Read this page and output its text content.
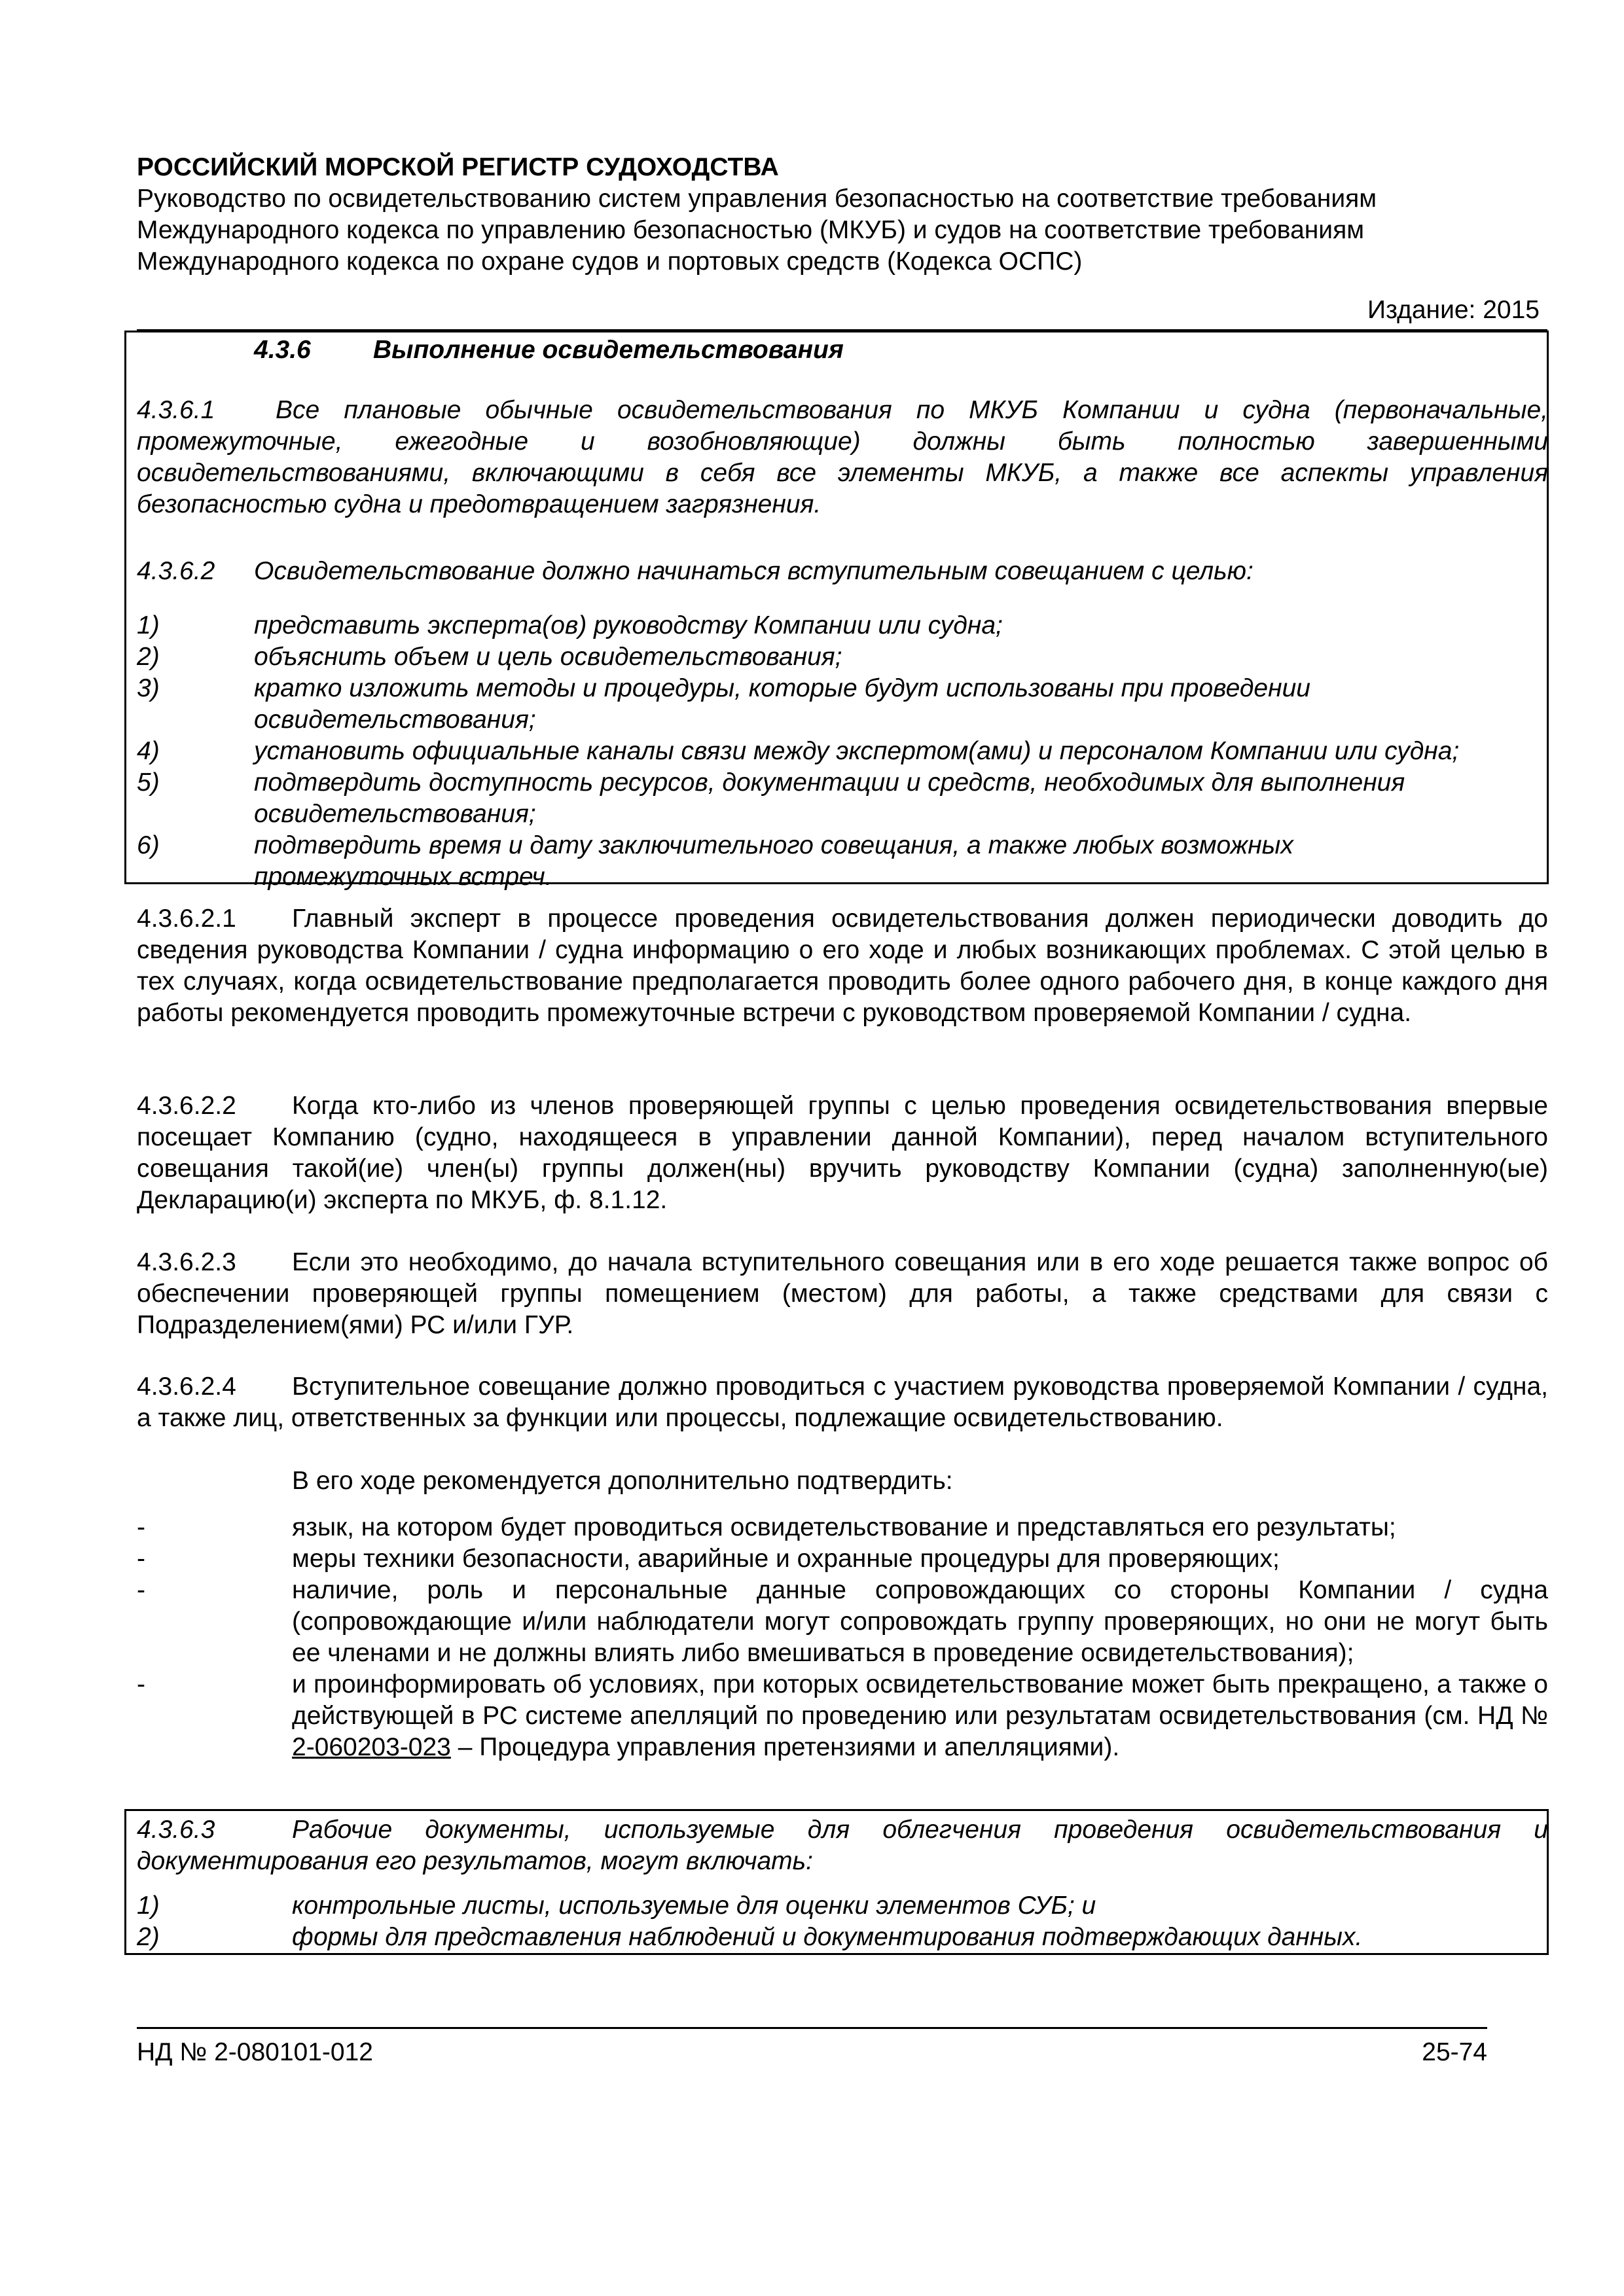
РОССИЙСКИЙ МОРСКОЙ РЕГИСТР СУДОХОДСТВА
Руководство по освидетельствованию систем управления безопасностью на соответствие требованиям Международного кодекса по управлению безопасностью (МКУБ) и судов на соответствие требованиям Международного кодекса по охране судов и портовых средств (Кодекса ОСПС)
Издание: 2015
4.3.6 Выполнение освидетельствования

4.3.6.1 Все плановые обычные освидетельствования по МКУБ Компании и судна (первоначальные, промежуточные, ежегодные и возобновляющие) должны быть полностью завершенными освидетельствованиями, включающими в себя все элементы МКУБ, а также все аспекты управления безопасностью судна и предотвращением загрязнения.

4.3.6.2 Освидетельствование должно начинаться вступительным совещанием с целью:
1)	представить эксперта(ов) руководству Компании или судна;
2)	объяснить объем и цель освидетельствования;
3)	кратко изложить методы и процедуры, которые будут использованы при проведении освидетельствования;
4)	установить официальные каналы связи между экспертом(ами) и персоналом Компании или судна;
5)	подтвердить доступность ресурсов, документации и средств, необходимых для выполнения освидетельствования;
6)	подтвердить время и дату заключительного совещания, а также любых возможных промежуточных встреч.

4.3.6.2.1 Главный эксперт в процессе проведения освидетельствования должен периодически доводить до сведения руководства Компании / судна информацию о его ходе и любых возникающих проблемах. С этой целью в тех случаях, когда освидетельствование предполагается проводить более одного рабочего дня, в конце каждого дня работы рекомендуется проводить промежуточные встречи с руководством проверяемой Компании / судна.

4.3.6.2.2 Когда кто-либо из членов проверяющей группы с целью проведения освидетельствования впервые посещает Компанию (судно, находящееся в управлении данной Компании), перед началом вступительного совещания такой(ие) член(ы) группы должен(ны) вручить руководству Компании (судна) заполненную(ые) Декларацию(и) эксперта по МКУБ, ф. 8.1.12.

4.3.6.2.3 Если это необходимо, до начала вступительного совещания или в его ходе решается также вопрос об обеспечении проверяющей группы помещением (местом) для работы, а также средствами для связи с Подразделением(ями) РС и/или ГУР.

4.3.6.2.4 Вступительное совещание должно проводиться с участием руководства проверяемой Компании / судна, а также лиц, ответственных за функции или процессы, подлежащие освидетельствованию.

В его ходе рекомендуется дополнительно подтвердить:
-	язык, на котором будет проводиться освидетельствование и представляться его результаты;
-	меры техники безопасности, аварийные и охранные процедуры для проверяющих;
-	наличие, роль и персональные данные сопровождающих со стороны Компании / судна (сопровождающие и/или наблюдатели могут сопровождать группу проверяющих, но они не могут быть ее членами и не должны влиять либо вмешиваться в проведение освидетельствования);
-	и проинформировать об условиях, при которых освидетельствование может быть прекращено, а также о действующей в РС системе апелляций по проведению или результатам освидетельствования (см. НД № 2-060203-023 – Процедура управления претензиями и апелляциями).

4.3.6.3	Рабочие документы, используемые для облегчения проведения освидетельствования и документирования его результатов, могут включать:

1)	контрольные листы, используемые для оценки элементов СУБ; и
2)	формы для представления наблюдений и документирования подтверждающих данных.
НД № 2-080101-012	25-74
